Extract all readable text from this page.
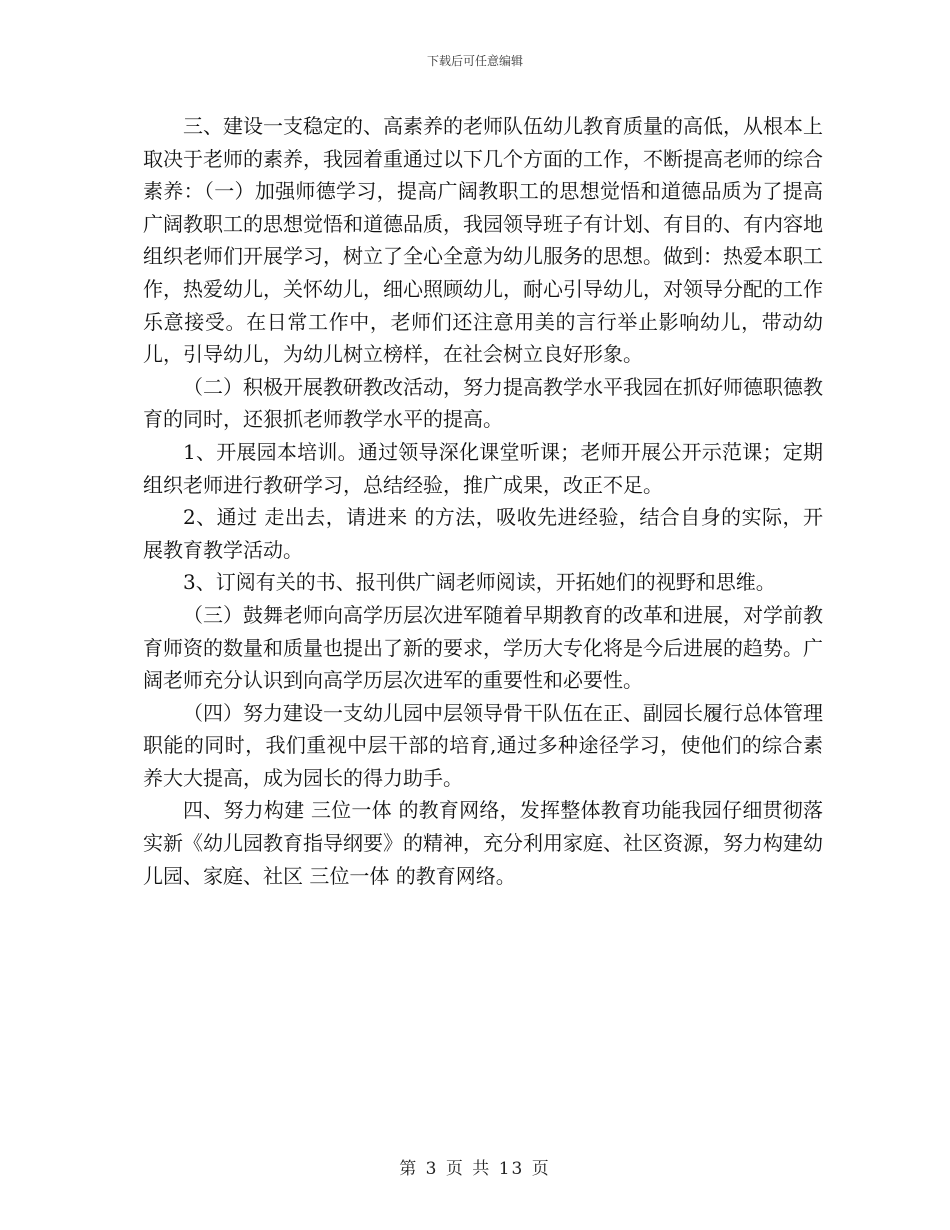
下载后可任意编辑

三、建设一支稳定的、高素养的老师队伍幼儿教育质量的高低，从根本上取决于老师的素养，我园着重通过以下几个方面的工作，不断提高老师的综合素养：（一）加强师德学习，提高广阔教职工的思想觉悟和道德品质为了提高广阔教职工的思想觉悟和道德品质，我园领导班子有计划、有目的、有内容地组织老师们开展学习，树立了全心全意为幼儿服务的思想。做到：热爱本职工作，热爱幼儿，关怀幼儿，细心照顾幼儿，耐心引导幼儿，对领导分配的工作乐意接受。在日常工作中，老师们还注意用美的言行举止影响幼儿，带动幼儿，引导幼儿，为幼儿树立榜样，在社会树立良好形象。

（二）积极开展教研教改活动，努力提高教学水平我园在抓好师德职德教育的同时，还狠抓老师教学水平的提高。

1、开展园本培训。通过领导深化课堂听课；老师开展公开示范课；定期组织老师进行教研学习，总结经验，推广成果，改正不足。

2、通过 走出去，请进来 的方法，吸收先进经验，结合自身的实际，开展教育教学活动。

3、订阅有关的书、报刊供广阔老师阅读，开拓她们的视野和思维。

（三）鼓舞老师向高学历层次进军随着早期教育的改革和进展，对学前教育师资的数量和质量也提出了新的要求，学历大专化将是今后进展的趋势。广阔老师充分认识到向高学历层次进军的重要性和必要性。

（四）努力建设一支幼儿园中层领导骨干队伍在正、副园长履行总体管理职能的同时，我们重视中层干部的培育,通过多种途径学习，使他们的综合素养大大提高，成为园长的得力助手。

四、努力构建 三位一体 的教育网络，发挥整体教育功能我园仔细贯彻落实新《幼儿园教育指导纲要》的精神，充分利用家庭、社区资源，努力构建幼儿园、家庭、社区 三位一体 的教育网络。

第 3 页 共 13 页
